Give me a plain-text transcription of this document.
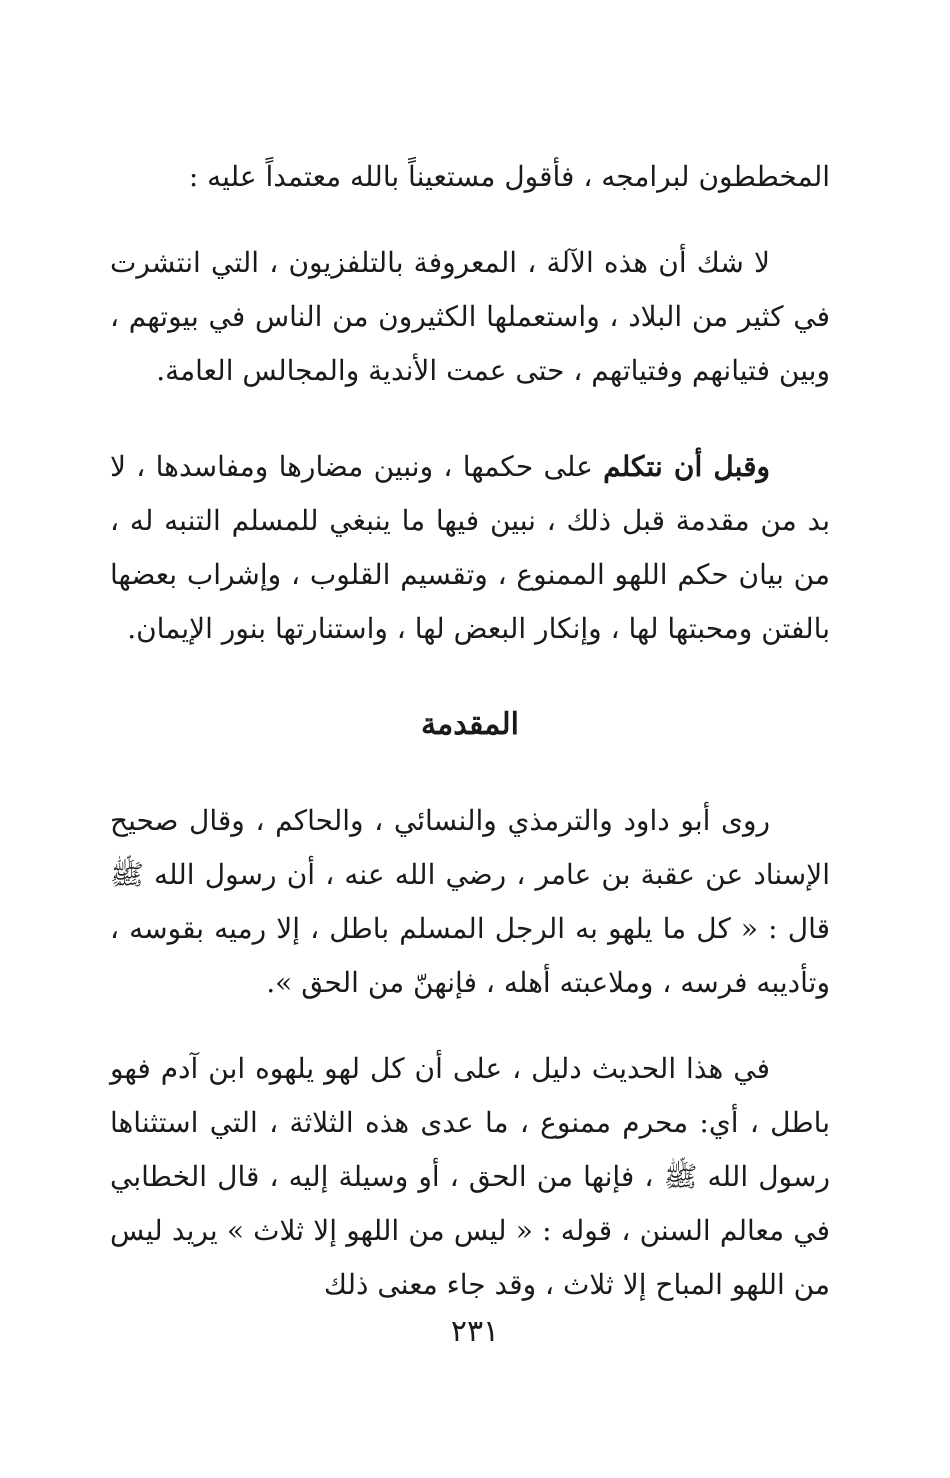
المخططون لبرامجه ، فأقول مستعيناً بالله معتمداً عليه :

لا شك أن هذه الآلة ، المعروفة بالتلفزيون ، التي انتشرت في كثير من البلاد ، واستعملها الكثيرون من الناس في بيوتهم ، وبين فتيانهم وفتياتهم ، حتى عمت الأندية والمجالس العامة.

وقبل أن نتكلم على حكمها ، ونبين مضارها ومفاسدها ، لا بد من مقدمة قبل ذلك ، نبين فيها ما ينبغي للمسلم التنبه له ، من بيان حكم اللهو الممنوع ، وتقسيم القلوب ، وإشراب بعضها بالفتن ومحبتها لها ، وإنكار البعض لها ، واستنارتها بنور الإيمان.

المقدمة

روى أبو داود والترمذي والنسائي ، والحاكم ، وقال صحيح الإسناد عن عقبة بن عامر ، رضي الله عنه ، أن رسول الله ﷺ قال : « كل ما يلهو به الرجل المسلم باطل ، إلا رميه بقوسه ، وتأديبه فرسه ، وملاعبته أهله ، فإنهنّ من الحق ».

في هذا الحديث دليل ، على أن كل لهو يلهوه ابن آدم فهو باطل ، أي: محرم ممنوع ، ما عدى هذه الثلاثة ، التي استثناها رسول الله ﷺ ، فإنها من الحق ، أو وسيلة إليه ، قال الخطابي في معالم السنن ، قوله : « ليس من اللهو إلا ثلاث » يريد ليس من اللهو المباح إلا ثلاث ، وقد جاء معنى ذلك

٢٣١
